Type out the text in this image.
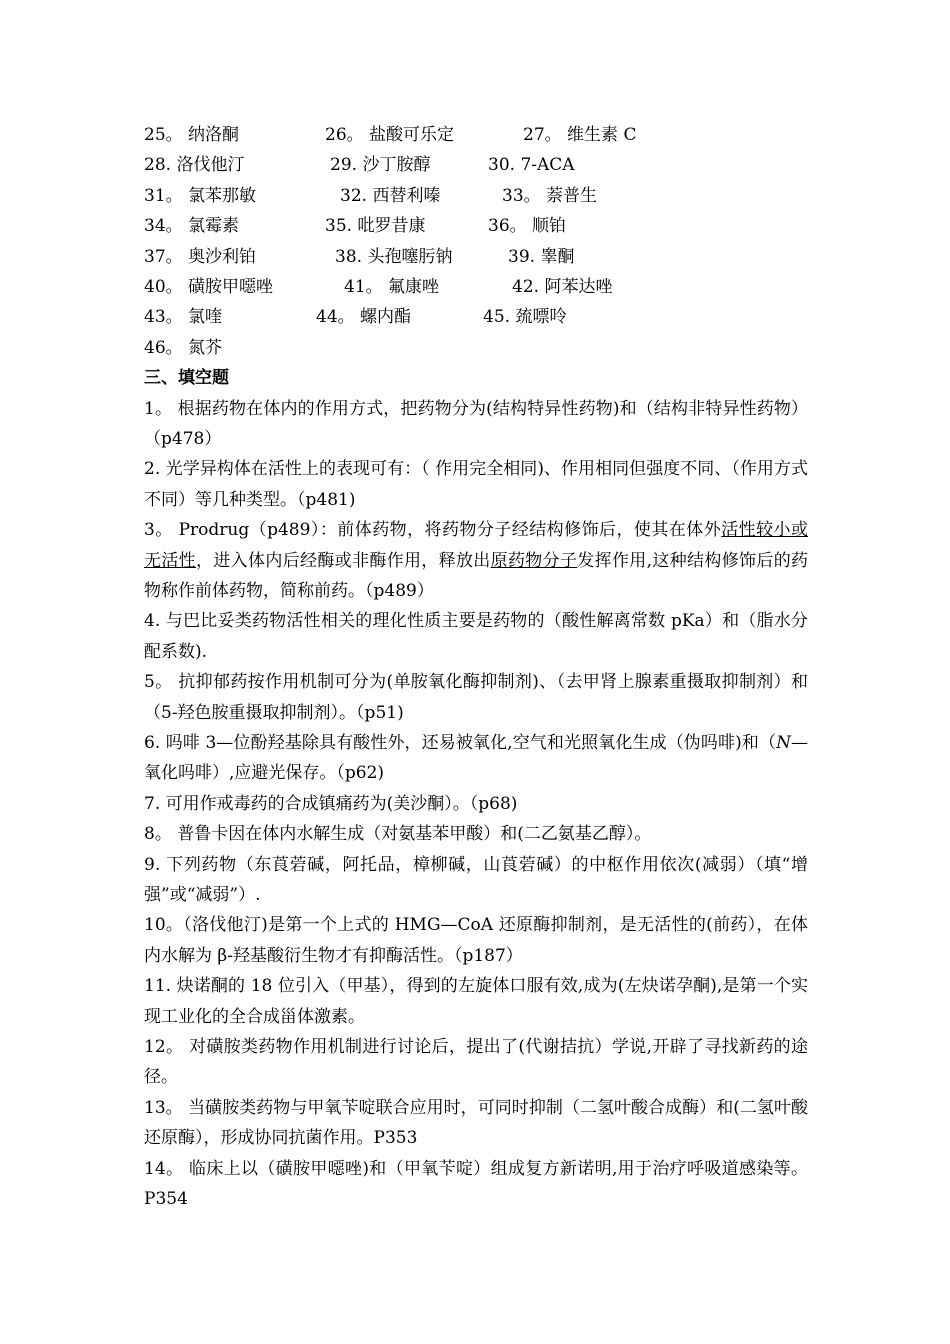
25。 纳洛酮	26。 盐酸可乐定	27。 维生素 C
28. 洛伐他汀	29. 沙丁胺醇	30. 7-ACA
31。 氯苯那敏	32. 西替利嗪	33。 萘普生
34。 氯霉素	35. 吡罗昔康	36。 顺铂
37。 奥沙利铂	38. 头孢噻肟钠	39. 睾酮
40。 磺胺甲噁唑	41。 氟康唑	42. 阿苯达唑
43。 氯喹	44。 螺内酯	45. 巯嘌呤
46。 氮芥
三、填空题

1。 根据药物在体内的作用方式，把药物分为(结构特异性药物)和（结构非特异性药物）（p478）

2. 光学异构体在活性上的表现可有：（ 作用完全相同)、作用相同但强度不同、（作用方式不同）等几种类型。（p481)

3。 Prodrug（p489）：前体药物，将药物分子经结构修饰后，使其在体外活性较小或无活性，进入体内后经酶或非酶作用，释放出原药物分子发挥作用,这种结构修饰后的药物称作前体药物，简称前药。（p489）

4. 与巴比妥类药物活性相关的理化性质主要是药物的（酸性解离常数 pKa）和（脂水分配系数).

5。 抗抑郁药按作用机制可分为(单胺氧化酶抑制剂)、（去甲肾上腺素重摄取抑制剂）和（5-羟色胺重摄取抑制剂）。（p51)

6. 吗啡 3—位酚羟基除具有酸性外，还易被氧化,空气和光照氧化生成（伪吗啡)和（N—氧化吗啡）,应避光保存。（p62)

7. 可用作戒毒药的合成镇痛药为(美沙酮）。（p68)

8。 普鲁卡因在体内水解生成（对氨基苯甲酸）和(二乙氨基乙醇）。

9. 下列药物（东莨菪碱，阿托品，樟柳碱，山莨菪碱）的中枢作用依次(减弱）（填“增强”或“减弱”）.

10。（洛伐他汀)是第一个上式的 HMG—CoA 还原酶抑制剂，是无活性的(前药），在体内水解为 β-羟基酸衍生物才有抑酶活性。（p187）

11. 炔诺酮的 18 位引入（甲基），得到的左旋体口服有效,成为(左炔诺孕酮),是第一个实现工业化的全合成甾体激素。

12。 对磺胺类药物作用机制进行讨论后，提出了(代谢拮抗）学说,开辟了寻找新药的途径。

13。 当磺胺类药物与甲氧苄啶联合应用时，可同时抑制（二氢叶酸合成酶）和(二氢叶酸还原酶），形成协同抗菌作用。P353

14。 临床上以（磺胺甲噁唑)和（甲氧苄啶）组成复方新诺明,用于治疗呼吸道感染等。P354
